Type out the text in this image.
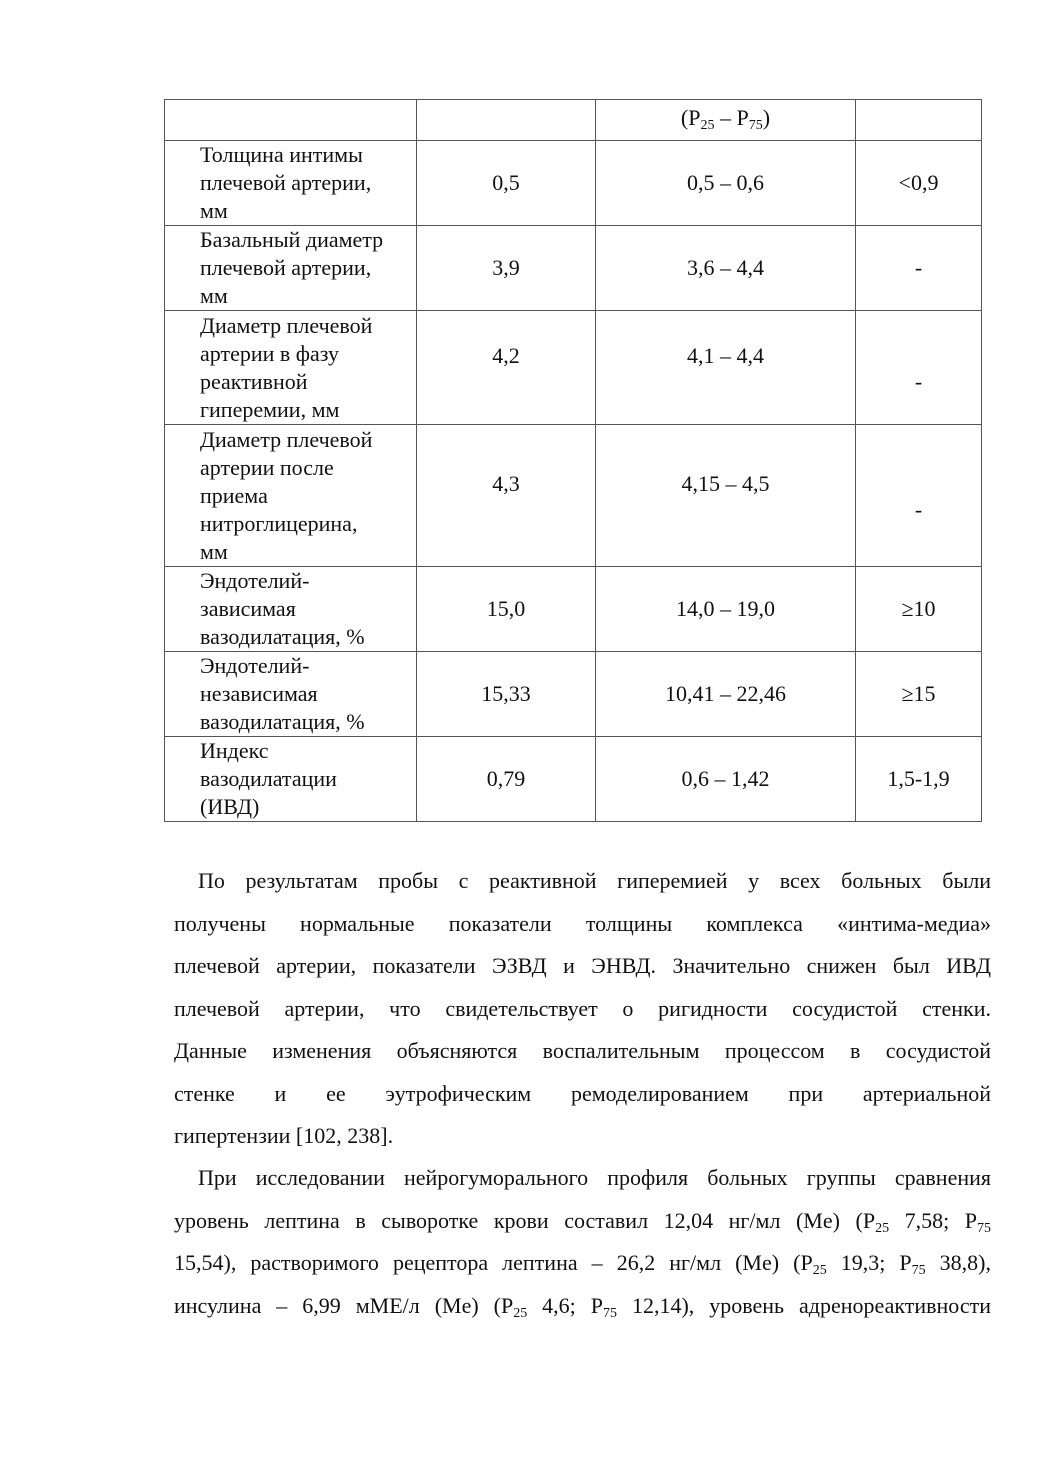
		$(P_{25} - P_{75})$	

Толщина интимы
плечевой артерии,
мм	0,5	0,5 – 0,6	<0,9

Базальный диаметр
плечевой артерии,
мм	3,9	3,6 – 4,4	-

Диаметр плечевой
артерии в фазу
реактивной
гиперемии, мм	4,2	4,1 – 4,4	-

Диаметр плечевой
артерии после
приема
нитроглицерина,
мм	4,3	4,15 – 4,5	-

Эндотелий-
зависимая
вазодилатация, %	15,0	14,0 – 19,0	≥10

Эндотелий-
независимая
вазодилатация, %	15,33	10,41 – 22,46	≥15

Индекс
вазодилатации
(ИВД)	0,79	0,6 – 1,42	1,5-1,9
По результатам пробы с реактивной гиперемией у всех больных были
получены нормальные показатели толщины комплекса «интима-медиа»
плечевой артерии, показатели ЭЗВД и ЭНВД. Значительно снижен был ИВД
плечевой артерии, что свидетельствует о ригидности сосудистой стенки.
Данные изменения объясняются воспалительным процессом в сосудистой
стенке и ее эутрофическим ремоделированием при артериальной
гипертензии [102, 238].
При исследовании нейрогуморального профиля больных группы сравнения
уровень лептина в сыворотке крови составил 12,04 нг/мл (Me) ($P_{25}$ 7,58; $P_{75}$
15,54), растворимого рецептора лептина – 26,2 нг/мл (Me) ($P_{25}$ 19,3; $P_{75}$ 38,8),
инсулина – 6,99 мМЕ/л (Me) ($P_{25}$ 4,6; $P_{75}$ 12,14), уровень адренореактивности
